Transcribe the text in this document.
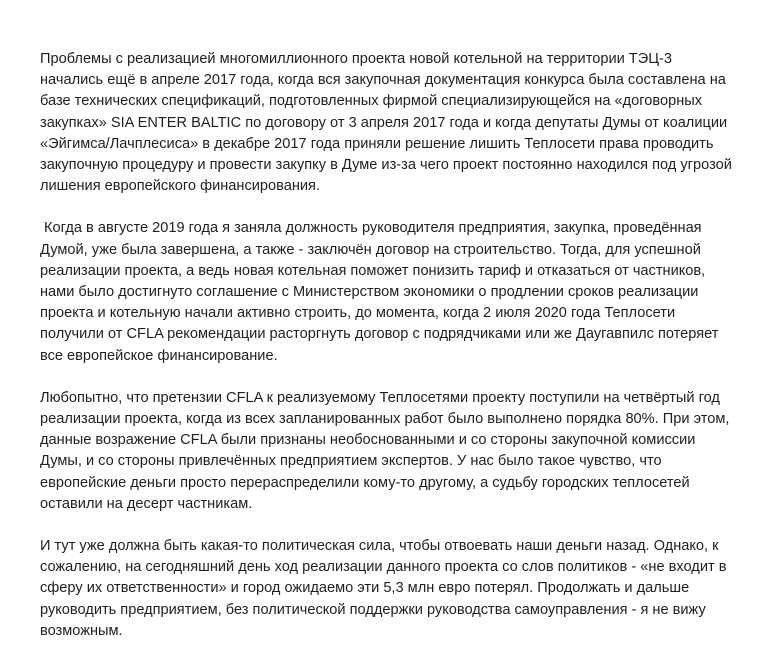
Проблемы с реализацией многомиллионного проекта новой котельной на территории ТЭЦ-3
начались ещё в апреле 2017 года, когда вся закупочная документация конкурса была составлена на
базе технических спецификаций, подготовленных фирмой специализирующейся на «договорных
закупках» SIA ENTER BALTIC по договору от 3 апреля 2017 года и когда депутаты Думы от коалиции
«Эйгимса/Лачплесиса» в декабре 2017 года приняли решение лишить Теплосети права проводить
закупочную процедуру и провести закупку в Думе из-за чего проект постоянно находился под угрозой
лишения европейского финансирования.

Когда в августе 2019 года я заняла должность руководителя предприятия, закупка, проведённая
Думой, уже была завершена, а также - заключён договор на строительство. Тогда, для успешной
реализации проекта, а ведь новая котельная поможет понизить тариф и отказаться от частников,
нами было достигнуто соглашение с Министерством экономики о продлении сроков реализации
проекта и котельную начали активно строить, до момента, когда 2 июля 2020 года Теплосети
получили от CFLA рекомендации расторгнуть договор с подрядчиками или же Даугавпилс потеряет
все европейское финансирование.

Любопытно, что претензии CFLA к реализуемому Теплосетями проекту поступили на четвёртый год
реализации проекта, когда из всех запланированных работ было выполнено порядка 80%. При этом,
данные возражение CFLA были признаны необоснованными и со стороны закупочной комиссии
Думы, и со стороны привлечённых предприятием экспертов. У нас было такое чувство, что
европейские деньги просто перераспределили кому-то другому, а судьбу городских теплосетей
оставили на десерт частникам.

И тут уже должна быть какая-то политическая сила, чтобы отвоевать наши деньги назад. Однако, к
сожалению, на сегодняшний день ход реализации данного проекта со слов политиков - «не входит в
сферу их ответственности» и город ожидаемо эти 5,3 млн евро потерял. Продолжать и дальше
руководить предприятием, без политической поддержки руководства самоуправления - я не вижу
возможным.
